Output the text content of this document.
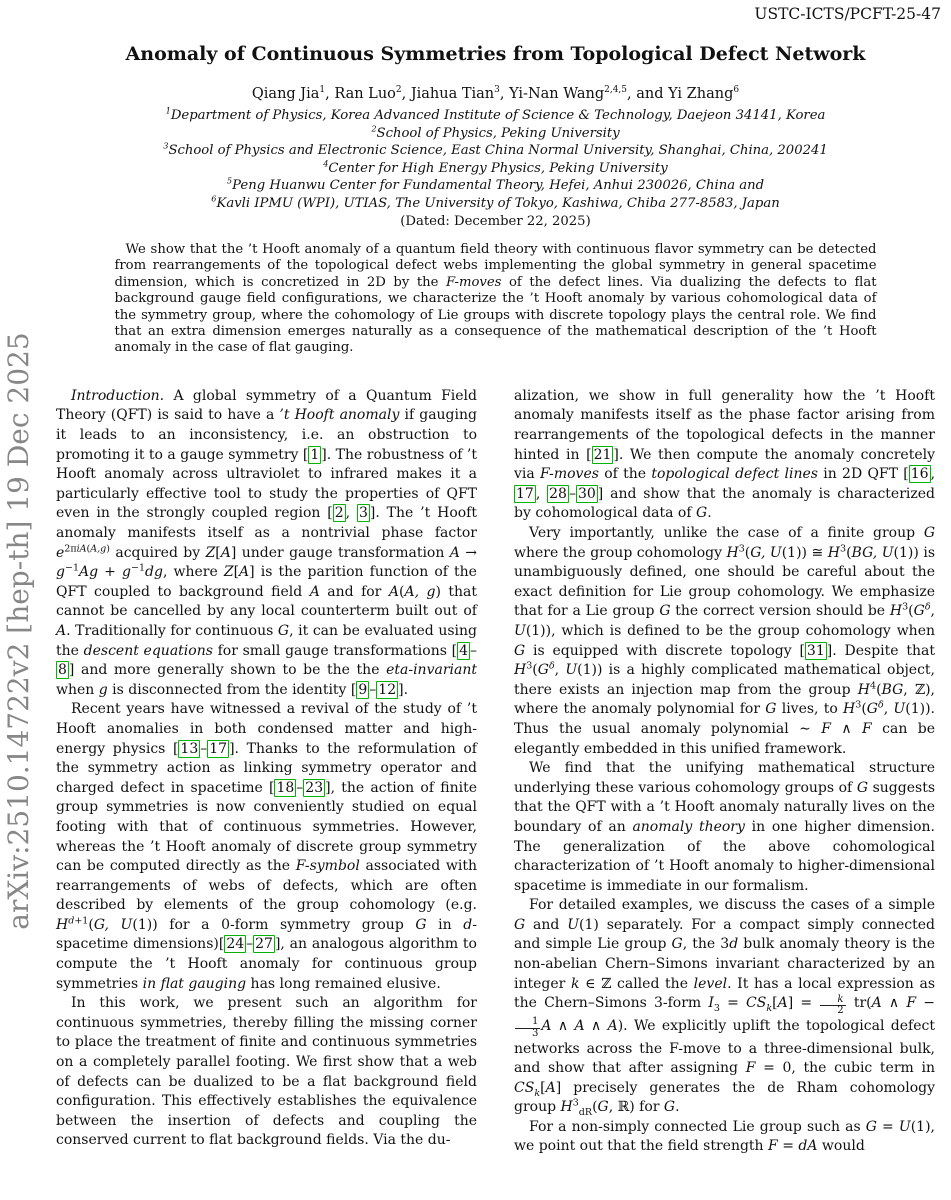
arXiv:2510.14722v2 [hep-th] 19 Dec 2025
USTC-ICTS/PCFT-25-47
Anomaly of Continuous Symmetries from Topological Defect Network
Qiang Jia$^1$, Ran Luo$^2$, Jiahua Tian$^3$, Yi-Nan Wang$^{2,4,5}$, and Yi Zhang$^6$
$^1$Department of Physics, Korea Advanced Institute of Science & Technology, Daejeon 34141, Korea
$^2$School of Physics, Peking University
$^3$School of Physics and Electronic Science, East China Normal University, Shanghai, China, 200241
$^4$Center for High Energy Physics, Peking University
$^5$Peng Huanwu Center for Fundamental Theory, Hefei, Anhui 230026, China and
$^6$Kavli IPMU (WPI), UTIAS, The University of Tokyo, Kashiwa, Chiba 277-8583, Japan
(Dated: December 22, 2025)
We show that the ’t Hooft anomaly of a quantum field theory with continuous flavor symmetry can be detected from rearrangements of the topological defect webs implementing the global symmetry in general spacetime dimension, which is concretized in 2D by the F-moves of the defect lines. Via dualizing the defects to flat background gauge field configurations, we characterize the ’t Hooft anomaly by various cohomological data of the symmetry group, where the cohomology of Lie groups with discrete topology plays the central role. We find that an extra dimension emerges naturally as a consequence of the mathematical description of the ’t Hooft anomaly in the case of flat gauging.

Introduction. A global symmetry of a Quantum Field Theory (QFT) is said to have a ’t Hooft anomaly if gauging it leads to an inconsistency, i.e. an obstruction to promoting it to a gauge symmetry [ 1 ]. The robustness of ’t Hooft anomaly across ultraviolet to infrared makes it a particularly effective tool to study the properties of QFT even in the strongly coupled region [ 2 , 3 ]. The ’t Hooft anomaly manifests itself as a nontrivial phase factor $e^{2\pi iA(A,g)}$ acquired by Z[A] under gauge transformation $A \to g^{-1}Ag + g^{-1}dg$, where Z[A] is the parition function of the QFT coupled to background field A and for A(A, g) that cannot be cancelled by any local counterterm built out of A. Traditionally for continuous G, it can be evaluated using the descent equations for small gauge transformations [ 4 –8 ] and more generally shown to be the the eta-invariant when g is disconnected from the identity [ 9 – 12 ].

Recent years have witnessed a revival of the study of ’t Hooft anomalies in both condensed matter and high-energy physics [ 13 – 17 ]. Thanks to the reformulation of the symmetry action as linking symmetry operator and charged defect in spacetime [ 18 – 23 ], the action of finite group symmetries is now conveniently studied on equal footing with that of continuous symmetries. However, whereas the ’t Hooft anomaly of discrete group symmetry can be computed directly as the F-symbol associated with rearrangements of webs of defects, which are often described by elements of the group cohomology (e.g. $H^{d+1}(G$, U(1)) for a 0-form symmetry group G in d-spacetime dimensions)[ 24 – 27 ], an analogous algorithm to compute the ’t Hooft anomaly for continuous group symmetries in flat gauging has long remained elusive.

In this work, we present such an algorithm for continuous symmetries, thereby filling the missing corner to place the treatment of finite and continuous symmetries on a completely parallel footing. We first show that a web of defects can be dualized to be a flat background field configuration. This effectively establishes the equivalence between the insertion of defects and coupling the conserved current to flat background fields. Via the du-

alization, we show in full generality how the ’t Hooft anomaly manifests itself as the phase factor arising from rearrangements of the topological defects in the manner hinted in [ 21 ]. We then compute the anomaly concretely via F-moves of the topological defect lines in 2D QFT [ 16 , 17 , 28 – 30 ] and show that the anomaly is characterized by cohomological data of G.

Very importantly, unlike the case of a finite group G where the group cohomology $H^3(G$, U(1)) ≅ $H^3(BG$, U(1)) is unambiguously defined, one should be careful about the exact definition for Lie group cohomology. We emphasize that for a Lie group G the correct version should be $H^3(G^\delta$, U(1)), which is defined to be the group cohomology when G is equipped with discrete topology [ 31 ]. Despite that $H^3(G^\delta$, U(1)) is a highly complicated mathematical object, there exists an injection map from the group $H^4(BG$, ℤ), where the anomaly polynomial for G lives, to $H^3(G^\delta$, U(1)). Thus the usual anomaly polynomial ∼ F ∧ F can be elegantly embedded in this unified framework.

We find that the unifying mathematical structure underlying these various cohomology groups of G suggests that the QFT with a ’t Hooft anomaly naturally lives on the boundary of an anomaly theory in one higher dimension. The generalization of the above cohomological characterization of ’t Hooft anomaly to higher-dimensional spacetime is immediate in our formalism.

For detailed examples, we discuss the cases of a simple G and U(1) separately. For a compact simply connected and simple Lie group G, the 3d bulk anomaly theory is the non-abelian Chern–Simons invariant characterized by an integer k ∈ ℤ called the level. It has a local expression as the Chern–Simons 3-form $I_3 = CS_k[A] = \frac{k}{2} tr(A$ ∧ F −
$\frac{1}{3}$ A ∧ A ∧ A). We explicitly uplift the topological defect networks across the F-move to a three-dimensional bulk, and show that after assigning F = 0, the cubic term in $CS_k[A]$ precisely generates the de Rham cohomology group $H^3_{dR}(G$, ℝ) for G.

For a non-simply connected Lie group such as G = U(1), we point out that the field strength F = dA would
